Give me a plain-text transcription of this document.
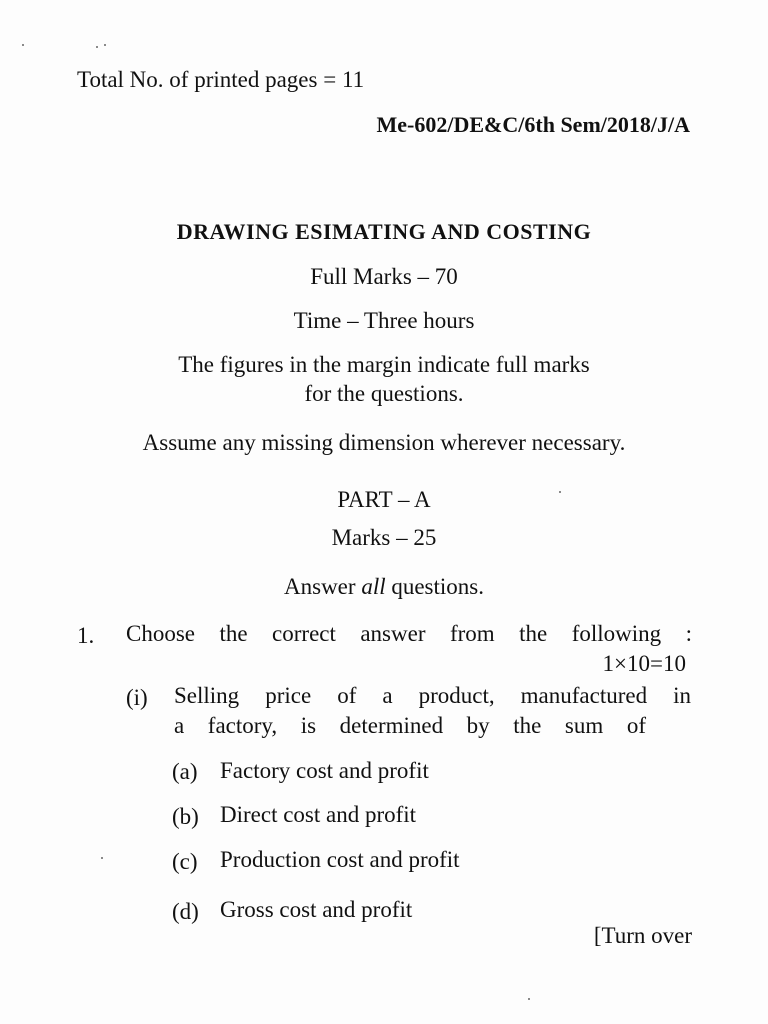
Total No. of printed pages = 11
Me-602/DE&C/6th Sem/2018/J/A
DRAWING ESIMATING AND COSTING
Full Marks – 70
Time – Three hours
The figures in the margin indicate full marks
for the questions.
Assume any missing dimension wherever necessary.
PART – A
Marks – 25
Answer all questions.
1. Choose the correct answer from the following :
1×10=10
(i) Selling price of a product, manufactured in
a factory, is determined by the sum of
(a) Factory cost and profit
(b) Direct cost and profit
(c) Production cost and profit
(d) Gross cost and profit
[Turn over
